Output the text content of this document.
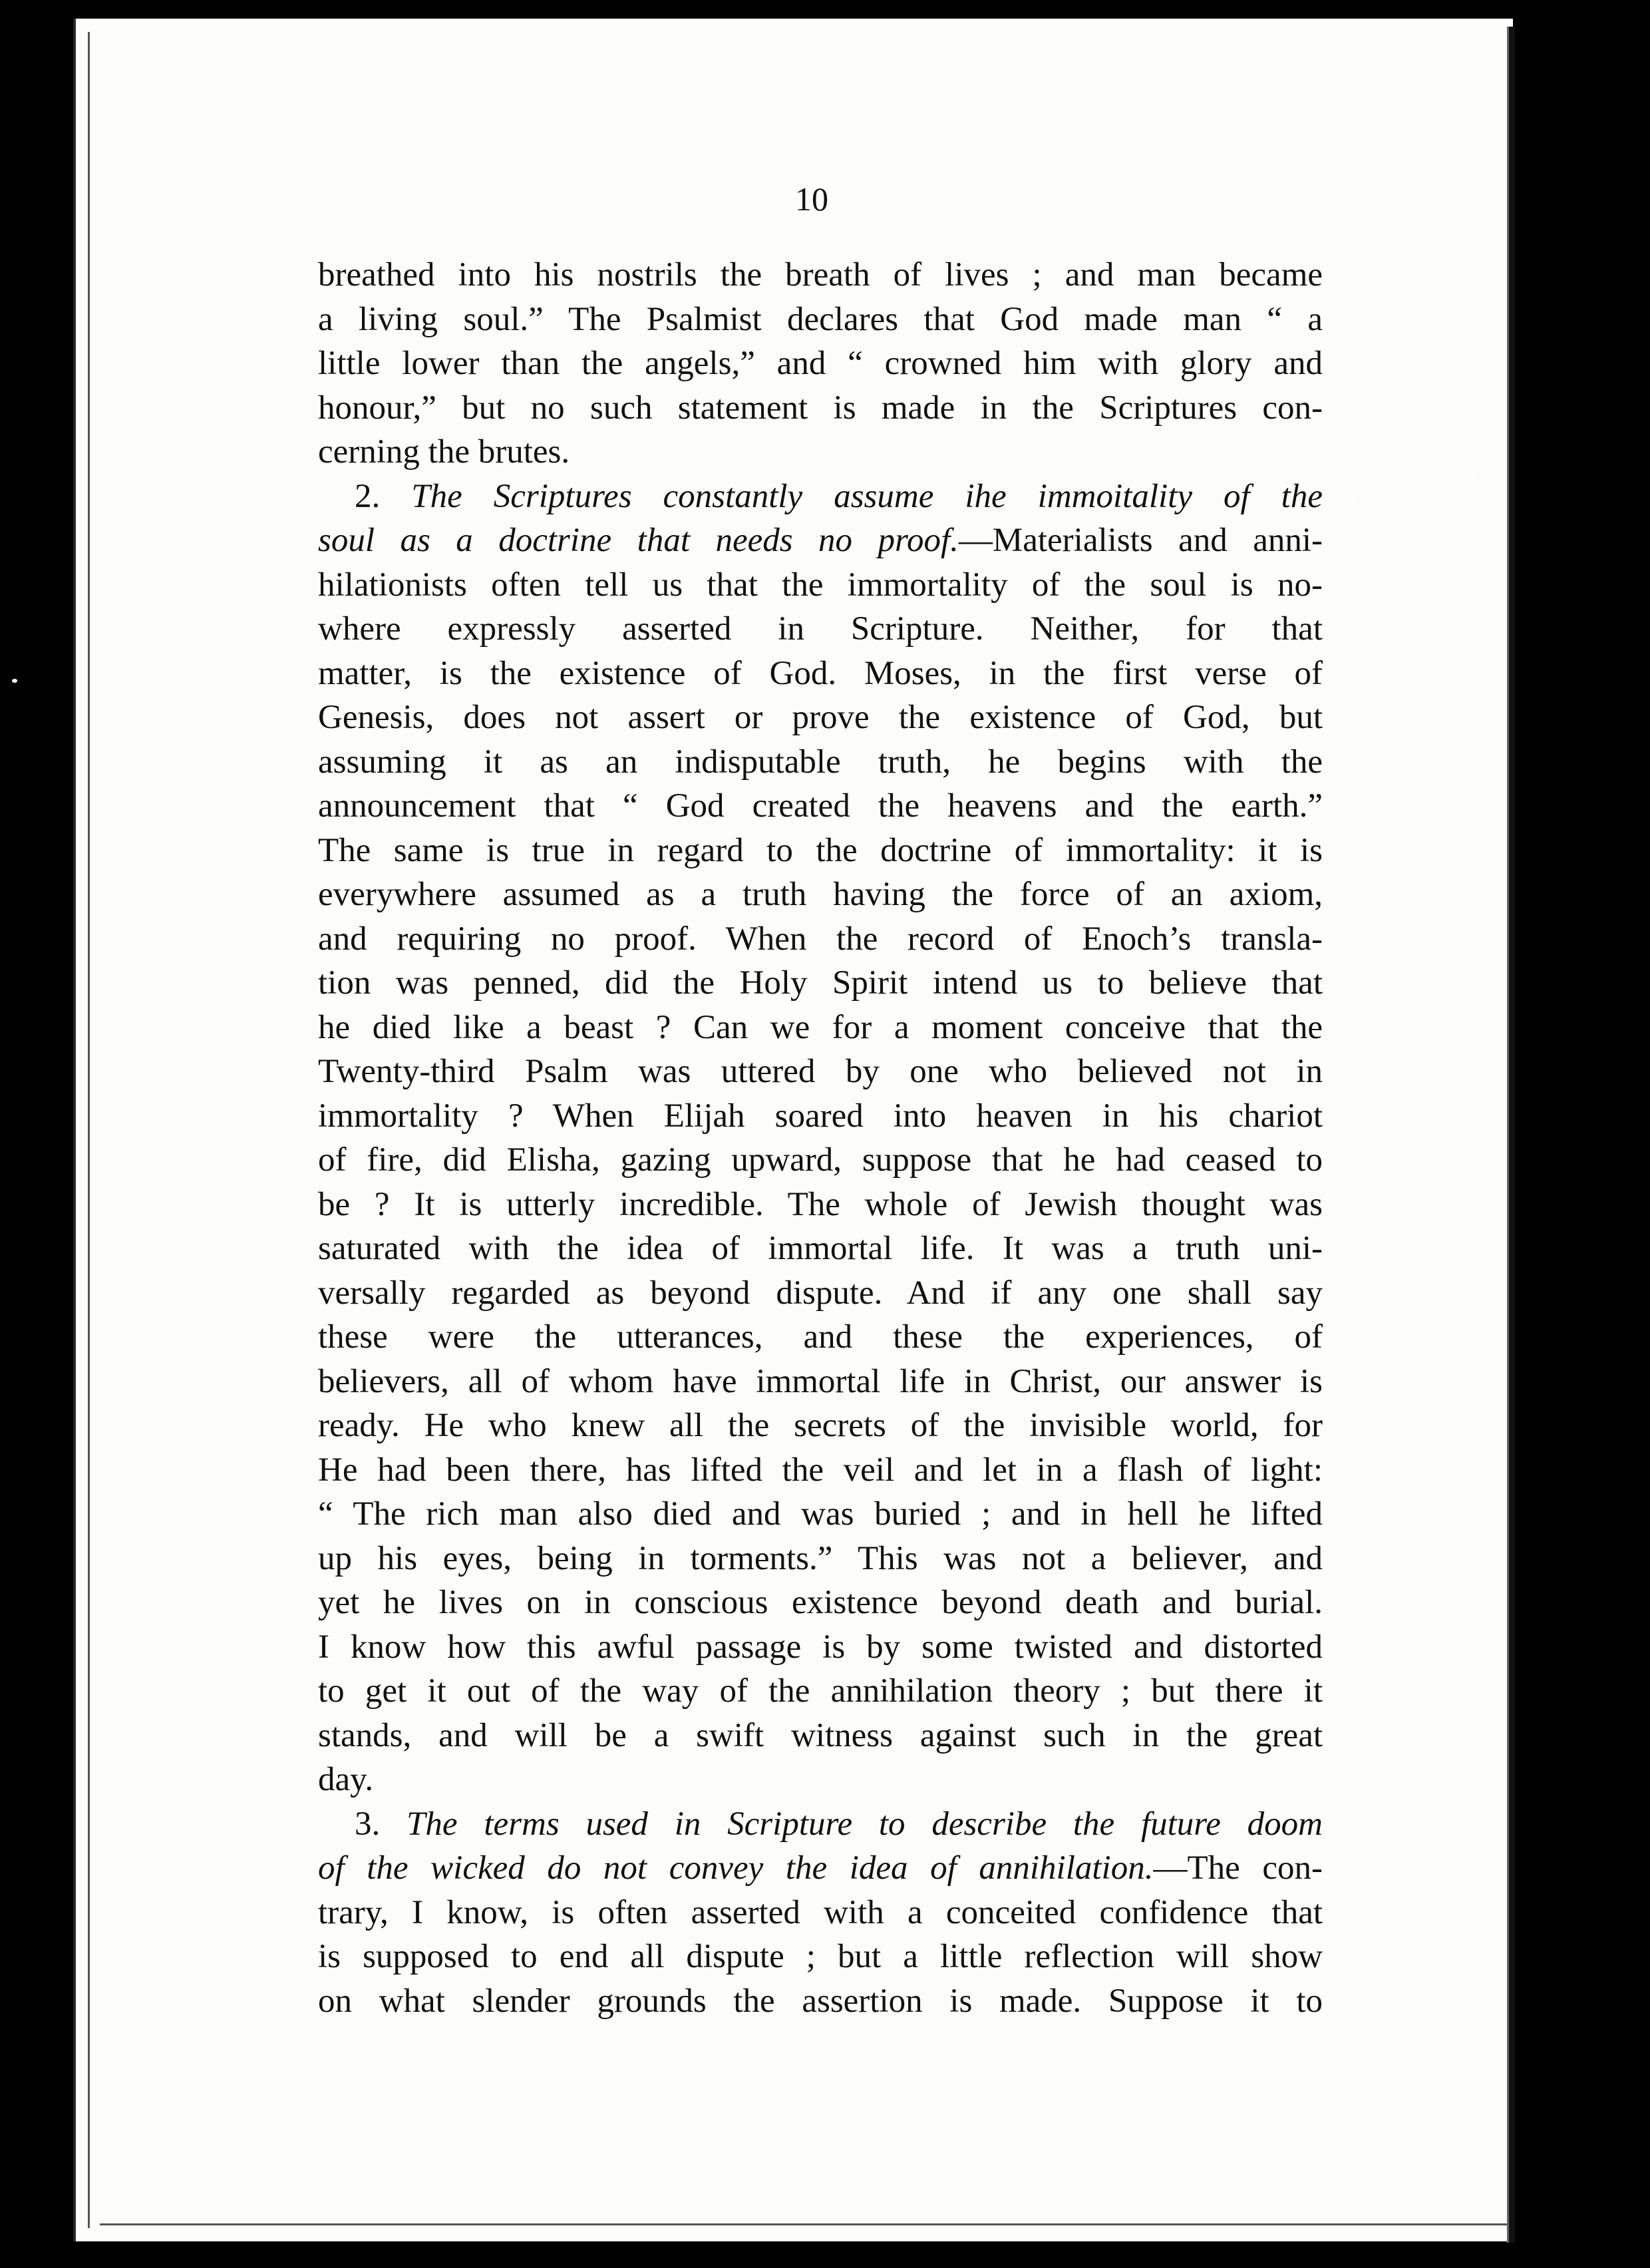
10
breathed into his nostrils the breath of lives ; and man became
a living soul.” The Psalmist declares that God made man “ a
little lower than the angels,” and “ crowned him with glory and
honour,” but no such statement is made in the Scriptures con-
cerning the brutes.
2. The Scriptures constantly assume ihe immoitality of the
soul as a doctrine that needs no proof.—Materialists and anni-
hilationists often tell us that the immortality of the soul is no-
where expressly asserted in Scripture. Neither, for that
matter, is the existence of God. Moses, in the first verse of
Genesis, does not assert or prove the existence of God, but
assuming it as an indisputable truth, he begins with the
announcement that “ God created the heavens and the earth.”
The same is true in regard to the doctrine of immortality: it is
everywhere assumed as a truth having the force of an axiom,
and requiring no proof. When the record of Enoch’s transla-
tion was penned, did the Holy Spirit intend us to believe that
he died like a beast ? Can we for a moment conceive that the
Twenty-third Psalm was uttered by one who believed not in
immortality ? When Elijah soared into heaven in his chariot
of fire, did Elisha, gazing upward, suppose that he had ceased to
be ? It is utterly incredible. The whole of Jewish thought was
saturated with the idea of immortal life. It was a truth uni-
versally regarded as beyond dispute. And if any one shall say
these were the utterances, and these the experiences, of
believers, all of whom have immortal life in Christ, our answer is
ready. He who knew all the secrets of the invisible world, for
He had been there, has lifted the veil and let in a flash of light:
“ The rich man also died and was buried ; and in hell he lifted
up his eyes, being in torments.” This was not a believer, and
yet he lives on in conscious existence beyond death and burial.
I know how this awful passage is by some twisted and distorted
to get it out of the way of the annihilation theory ; but there it
stands, and will be a swift witness against such in the great
day.
3. The terms used in Scripture to describe the future doom
of the wicked do not convey the idea of annihilation.—The con-
trary, I know, is often asserted with a conceited confidence that
is supposed to end all dispute ; but a little reflection will show
on what slender grounds the assertion is made. Suppose it to
